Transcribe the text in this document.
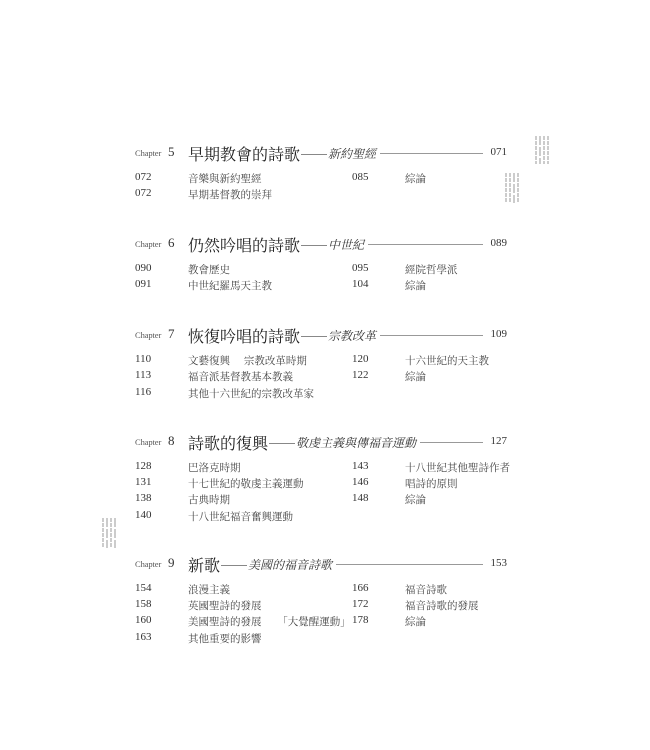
Chapter 5 早期教會的詩歌 新約聖經	071
072	音樂與新約聖經
072	早期基督教的崇拜
085	綜論
Chapter 6 仍然吟唱的詩歌 中世紀	089
090	教會歷史
091	中世紀羅馬天主教
095	經院哲學派
104	綜論
Chapter 7 恢復吟唱的詩歌 宗教改革	109
110	文藝復興　 宗教改革時期
113	福音派基督教基本教義
116	其他十六世紀的宗教改革家
120	十六世紀的天主教
122	綜論
Chapter 8 詩歌的復興 敬虔主義與傳福音運動	127
128	巴洛克時期
131	十七世紀的敬虔主義運動
138	古典時期
140	十八世紀福音奮興運動
143	十八世紀其他聖詩作者
146	唱詩的原則
148	綜論
Chapter 9 新歌 美國的福音詩歌	153
154	浪漫主義
158	英國聖詩的發展
160	美國聖詩的發展　　「大覺醒運動」
163	其他重要的影響
166	福音詩歌
172	福音詩歌的發展
178	綜論
